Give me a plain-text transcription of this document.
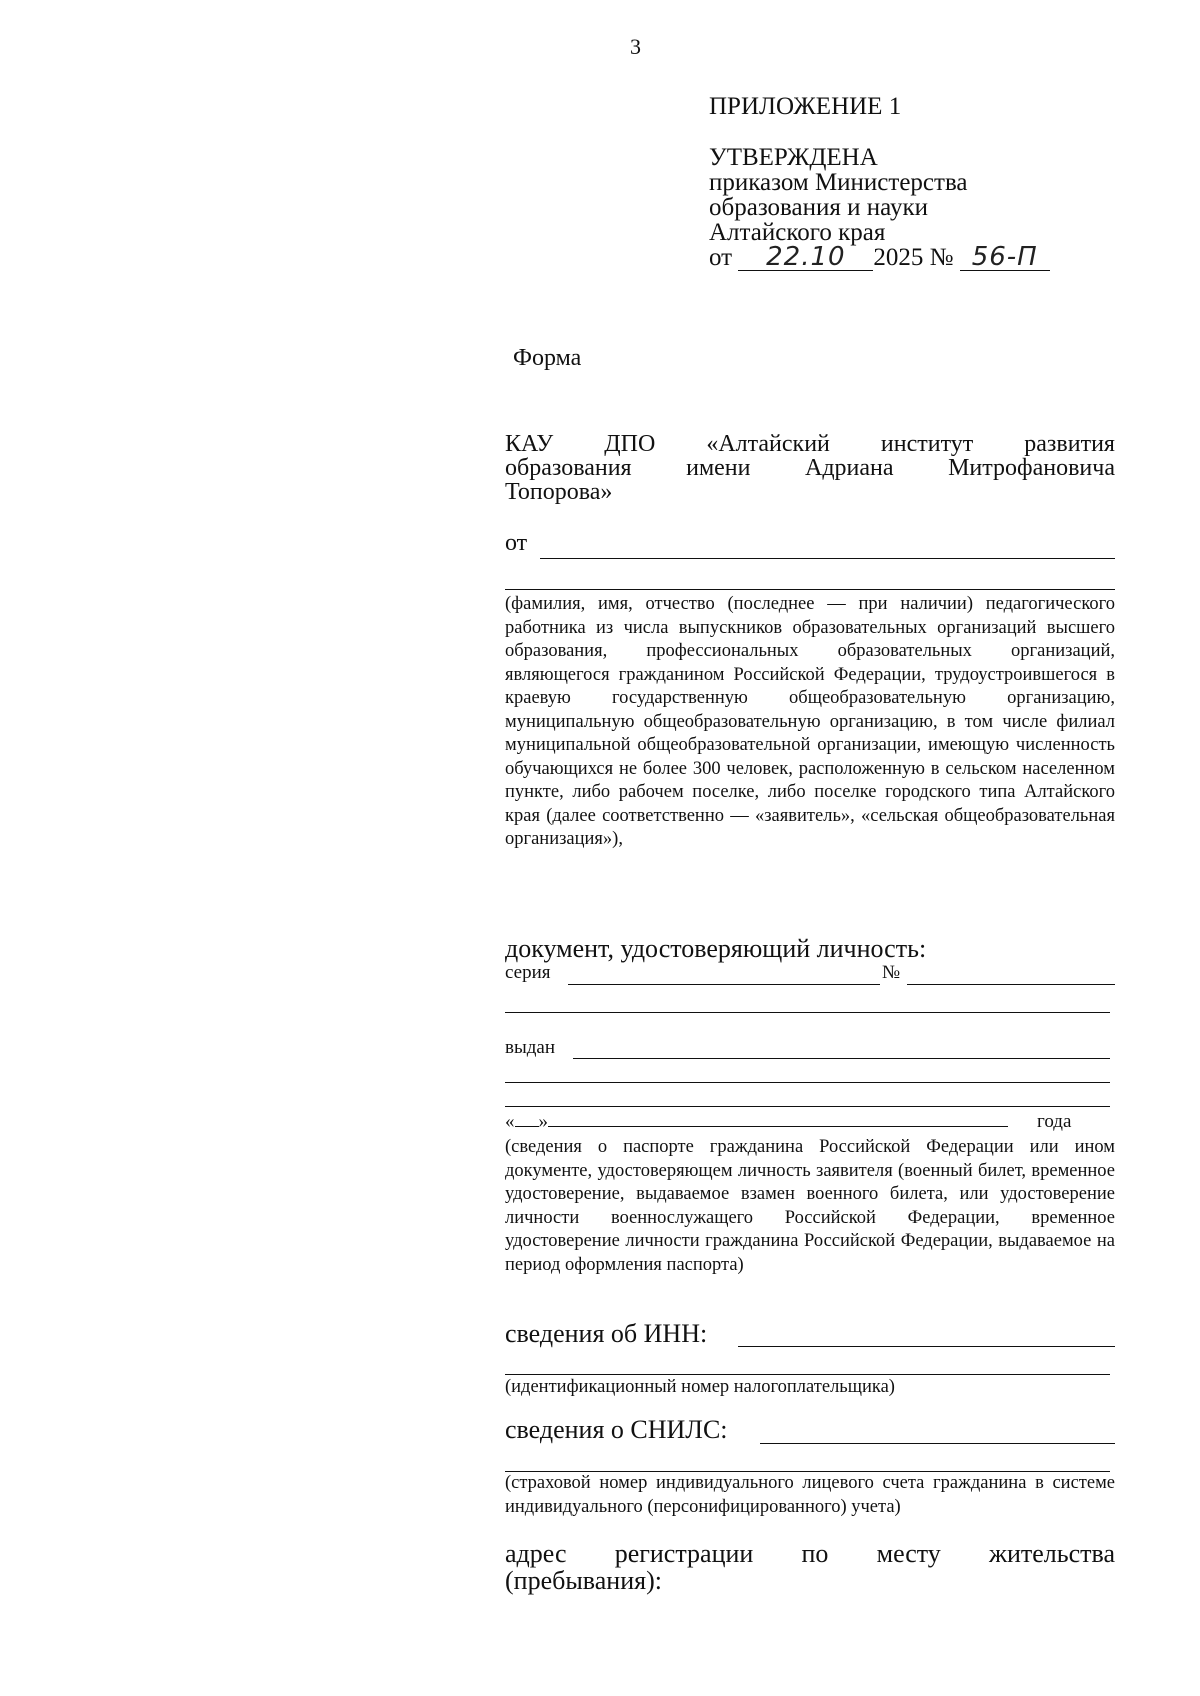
3
ПРИЛОЖЕНИЕ 1
УТВЕРЖДЕНА
приказом Министерства
образования и науки
Алтайского края
от 22.10 2025 № 56-П
Форма
КАУ ДПО «Алтайский институт развития
образования имени Адриана Митрофановича
Топорова»
от
(фамилия, имя, отчество (последнее — при наличии) педагогического работника из числа выпускников образовательных организаций высшего образования, профессиональных образовательных организаций, являющегося гражданином Российской Федерации, трудоустроившегося в краевую государственную общеобразовательную организацию, муниципальную общеобразовательную организацию, в том числе филиал муниципальной общеобразовательной организации, имеющую численность обучающихся не более 300 человек, расположенную в сельском населенном пункте, либо рабочем поселке, либо поселке городского типа Алтайского края (далее соответственно — «заявитель», «сельская общеобразовательная организация»),
документ, удостоверяющий личность:
серия	№
выдан
« »	года
(сведения о паспорте гражданина Российской Федерации или ином документе, удостоверяющем личность заявителя (военный билет, временное удостоверение, выдаваемое взамен военного билета, или удостоверение личности военнослужащего Российской Федерации, временное удостоверение личности гражданина Российской Федерации, выдаваемое на период оформления паспорта)
сведения об ИНН:
(идентификационный номер налогоплательщика)
сведения о СНИЛС:
(страховой номер индивидуального лицевого счета гражданина в системе индивидуального (персонифицированного) учета)
адрес регистрации по месту жительства
(пребывания):
